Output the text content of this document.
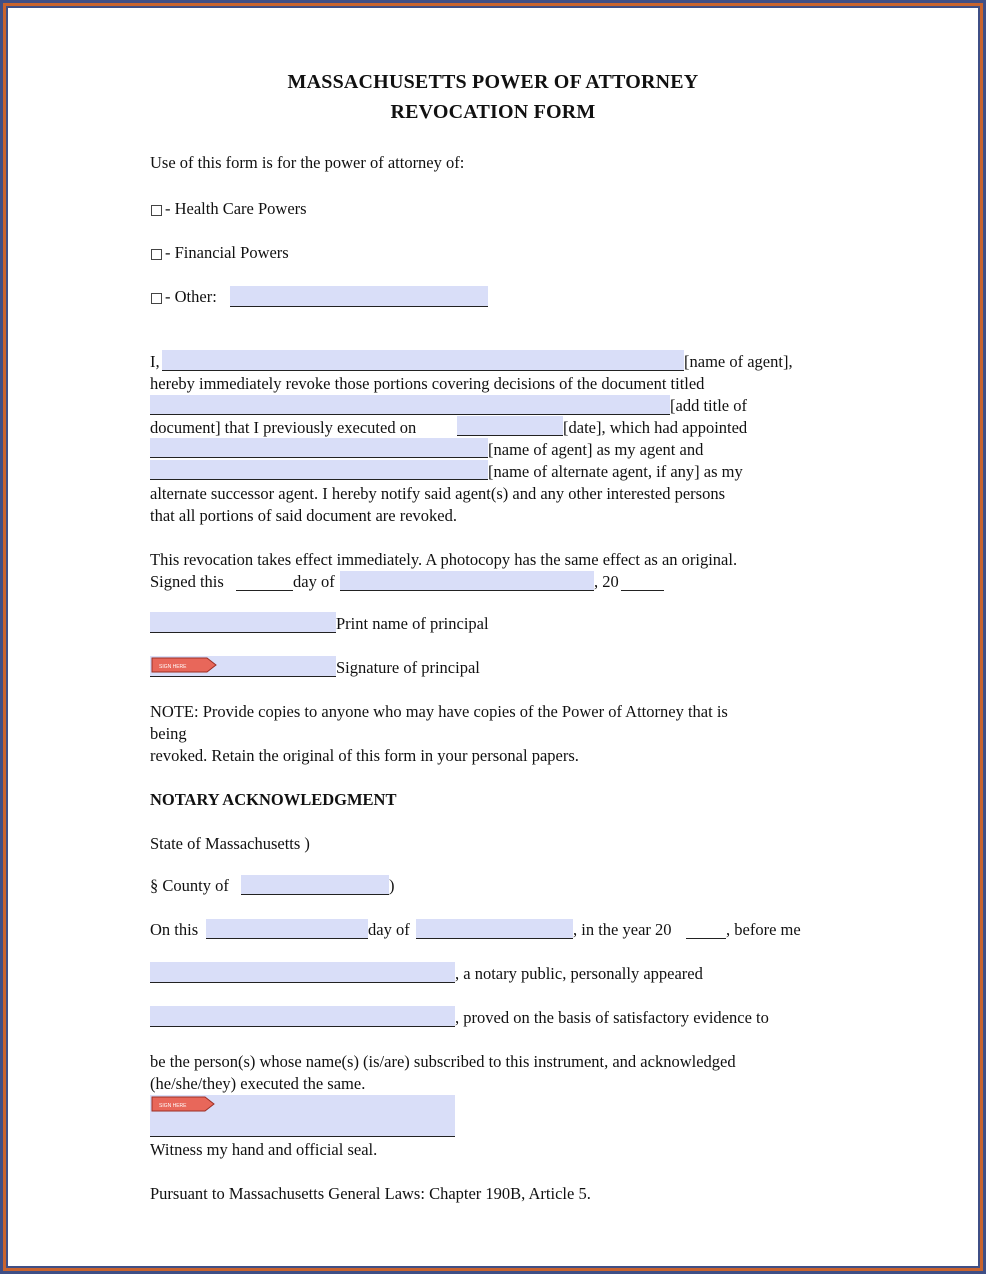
MASSACHUSETTS POWER OF ATTORNEY
REVOCATION FORM
Use of this form is for the power of attorney of:
- Health Care Powers
- Financial Powers
- Other:
I,	[name of agent],
hereby immediately revoke those portions covering decisions of the document titled
[add title of
document] that I previously executed on	[date], which had appointed
[name of agent] as my agent and
[name of alternate agent, if any] as my
alternate successor agent. I hereby notify said agent(s) and any other interested persons
that all portions of said document are revoked.
This revocation takes effect immediately. A photocopy has the same effect as an original.
Signed this	day of	, 20
Print name of principal
SIGN HERE	Signature of principal
NOTE: Provide copies to anyone who may have copies of the Power of Attorney that is
being
revoked. Retain the original of this form in your personal papers.
NOTARY ACKNOWLEDGMENT
State of Massachusetts )
§ County of	)
On this	day of	, in the year 20	, before me
, a notary public, personally appeared
, proved on the basis of satisfactory evidence to
be the person(s) whose name(s) (is/are) subscribed to this instrument, and acknowledged
(he/she/they) executed the same.
SIGN HERE
Witness my hand and official seal.
Pursuant to Massachusetts General Laws: Chapter 190B, Article 5.
